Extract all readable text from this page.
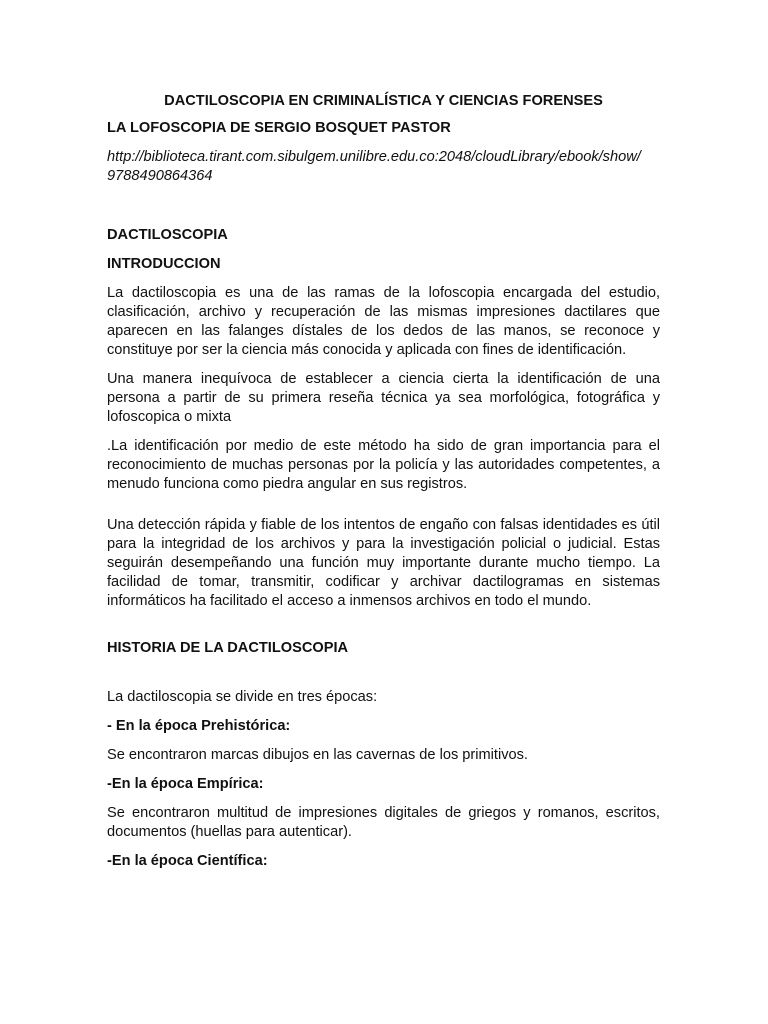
DACTILOSCOPIA EN CRIMINALÍSTICA Y CIENCIAS FORENSES
LA LOFOSCOPIA DE SERGIO BOSQUET PASTOR
http://biblioteca.tirant.com.sibulgem.unilibre.edu.co:2048/cloudLibrary/ebook/show/
9788490864364
DACTILOSCOPIA
INTRODUCCION
La dactiloscopia es una de las ramas de la lofoscopia encargada del estudio, clasificación, archivo y recuperación de las mismas impresiones dactilares que aparecen en las falanges dístales de los dedos de las manos, se reconoce y constituye por ser la ciencia más conocida y aplicada con fines de identificación.
Una manera inequívoca de establecer a ciencia cierta la identificación de una persona a partir de su primera reseña técnica ya sea morfológica, fotográfica y lofoscopica o mixta
.La identificación por medio de este método ha sido de gran importancia para el reconocimiento de muchas personas por la policía y las autoridades competentes, a menudo funciona como piedra angular en sus registros.
Una detección rápida y fiable de los intentos de engaño con falsas identidades es útil para la integridad de los archivos y para la investigación policial o judicial. Estas seguirán desempeñando una función muy importante durante mucho tiempo. La facilidad de tomar, transmitir, codificar y archivar dactilogramas en sistemas informáticos ha facilitado el acceso a inmensos archivos en todo el mundo.
HISTORIA DE LA DACTILOSCOPIA
La dactiloscopia se divide en tres épocas:
- En la época Prehistórica:
Se encontraron marcas dibujos en las cavernas de los primitivos.
-En la época Empírica:
Se encontraron multitud de impresiones digitales de griegos y romanos, escritos, documentos (huellas para autenticar).
-En la época Científica:
